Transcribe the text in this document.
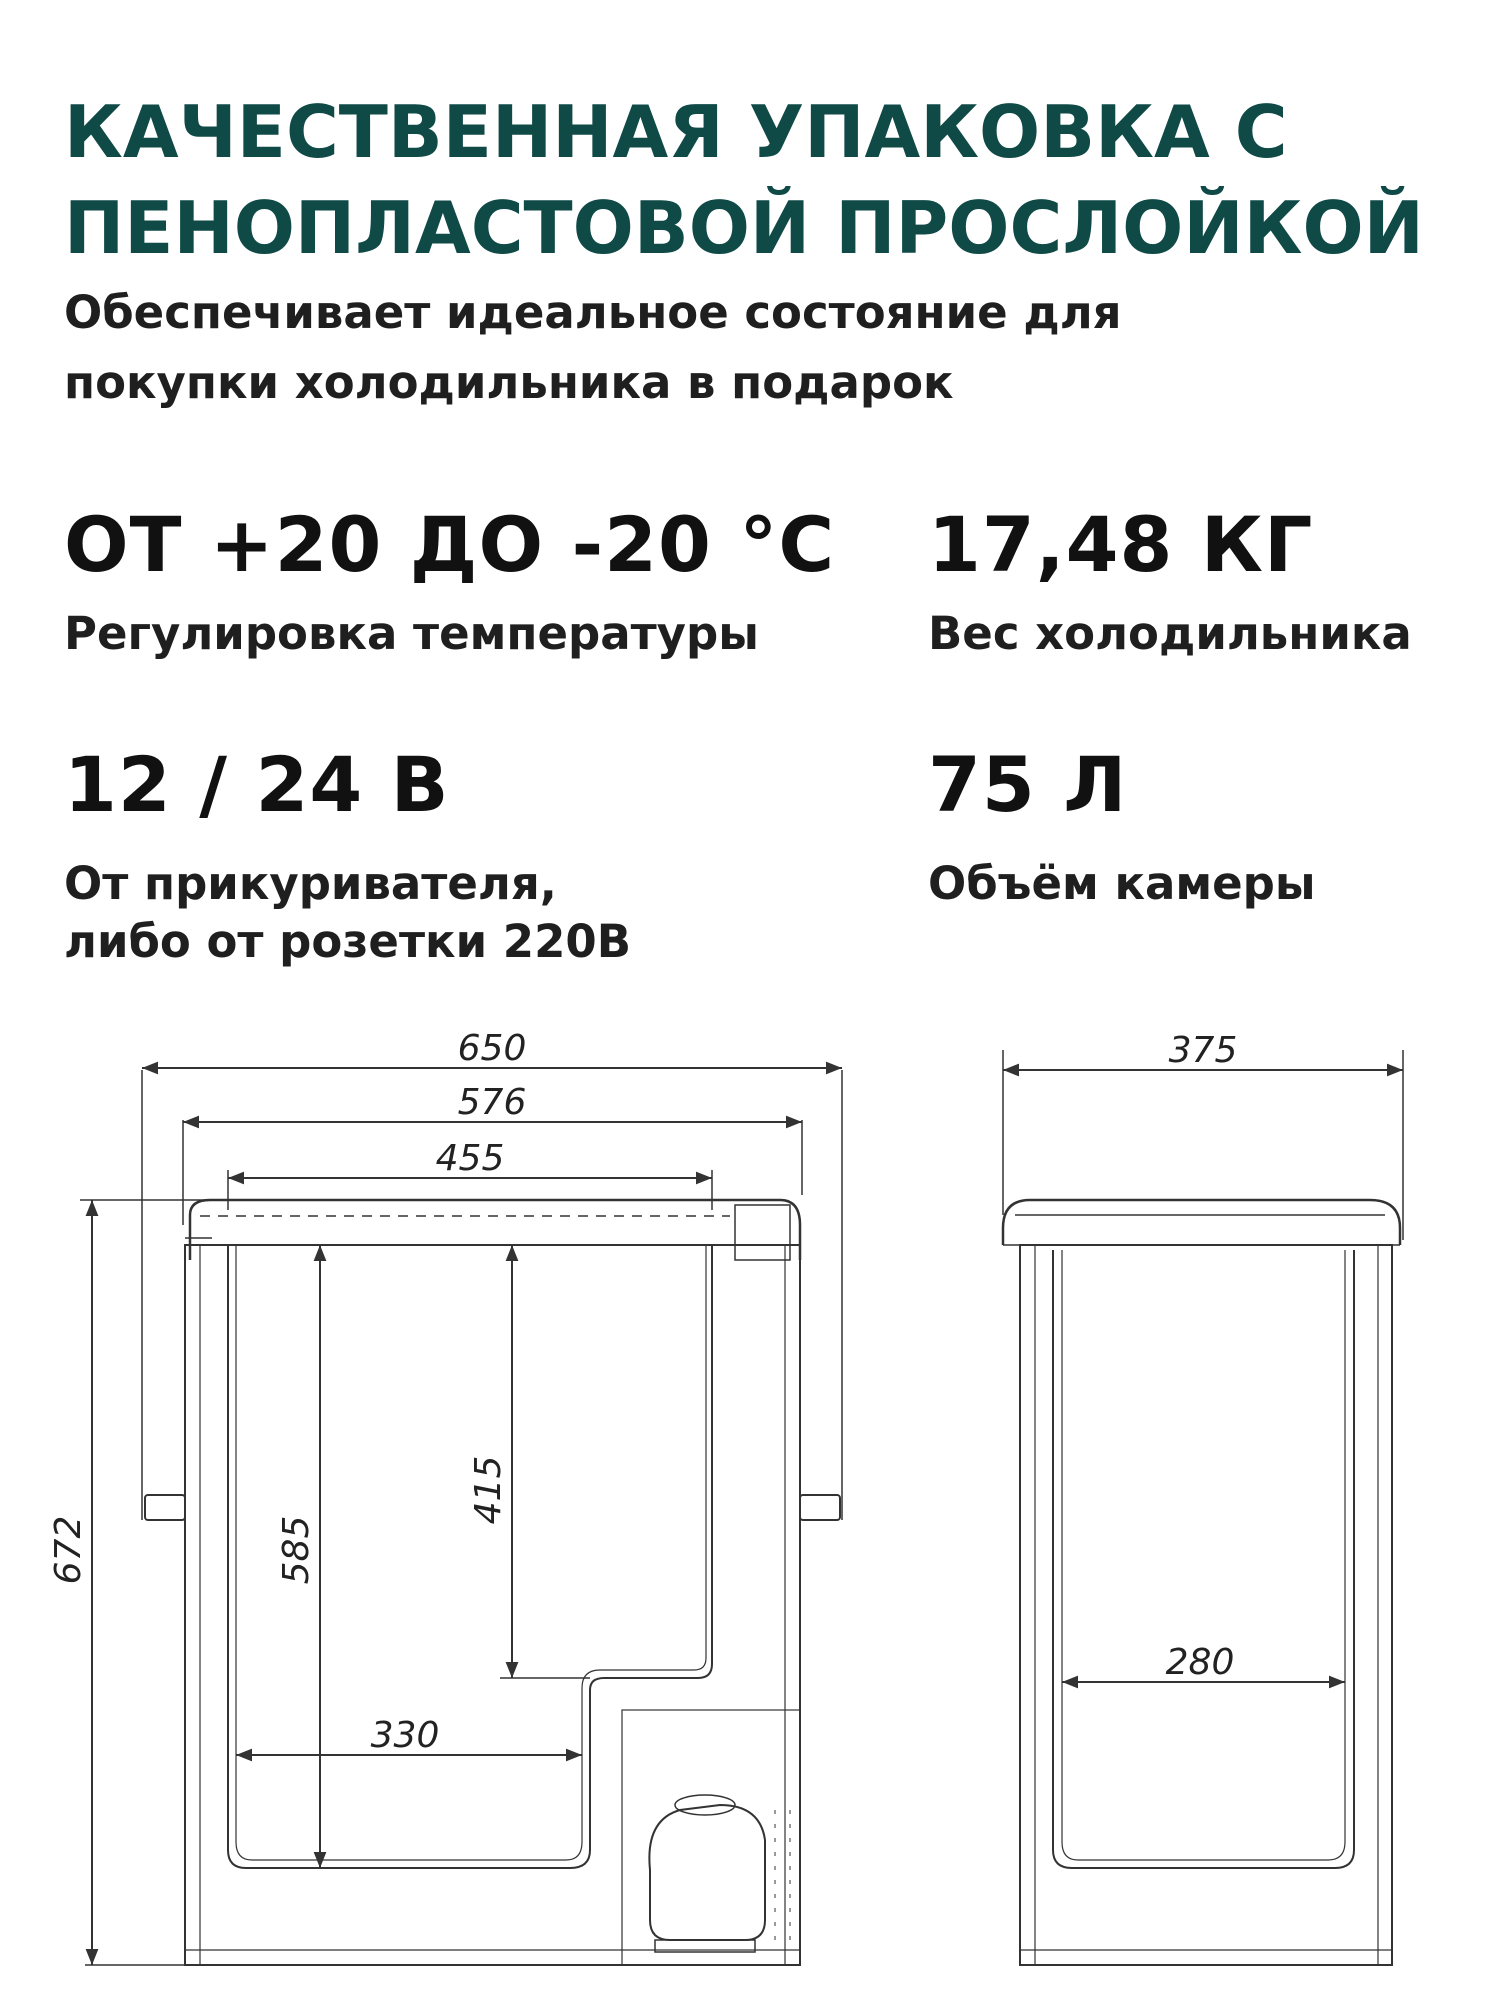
КАЧЕСТВЕННАЯ УПАКОВКА С
ПЕНОПЛАСТОВОЙ ПРОСЛОЙКОЙ
Обеспечивает идеальное состояние для
покупки холодильника в подарок
ОТ +20 ДО -20 °С
Регулировка температуры
17,48 КГ
Вес холодильника
12 / 24 В
От прикуривателя,
либо от розетки 220В
75 Л
Объём камеры
650
576
455
672	585
415
330
375
280
